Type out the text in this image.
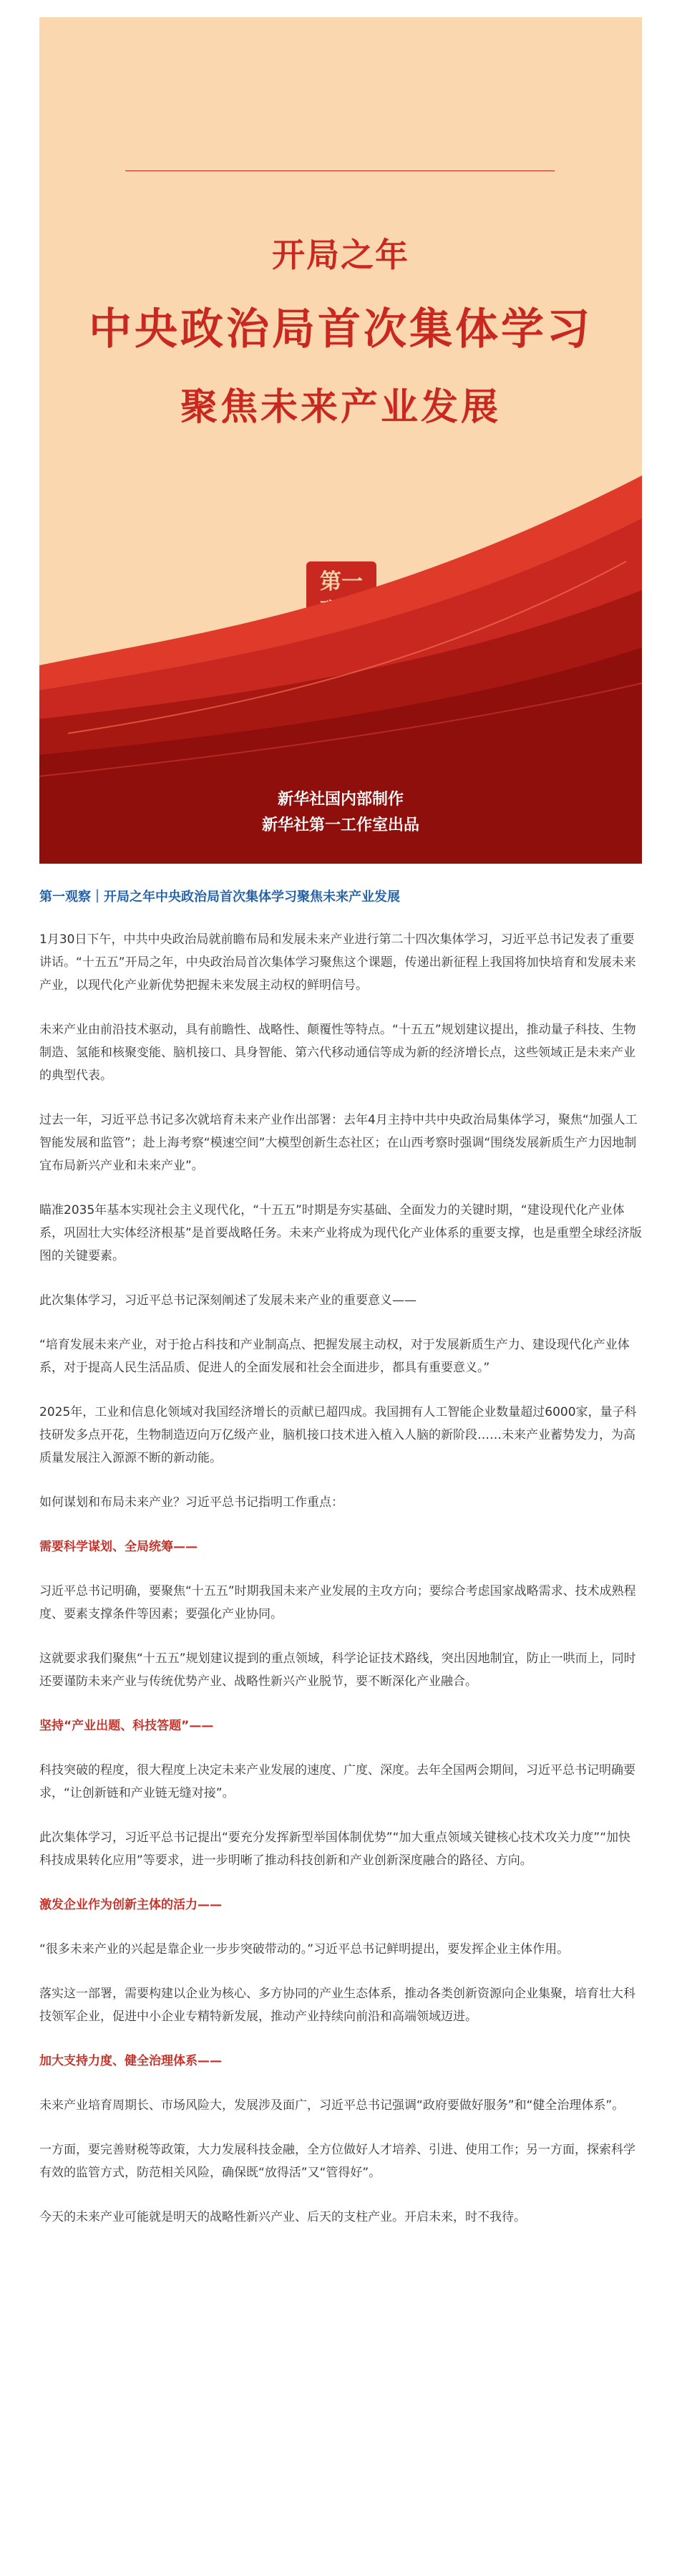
开局之年
中央政治局首次集体学习
聚焦未来产业发展
第一
新华社国内部制作
新华社第一工作室出品
第一观察｜开局之年中央政治局首次集体学习聚焦未来产业发展

1月30日下午，中共中央政治局就前瞻布局和发展未来产业进行第二十四次集体学习，习近平总书记发表了重要讲话。“十五五”开局之年，中央政治局首次集体学习聚焦这个课题，传递出新征程上我国将加快培育和发展未来产业，以现代化产业新优势把握未来发展主动权的鲜明信号。

未来产业由前沿技术驱动，具有前瞻性、战略性、颠覆性等特点。“十五五”规划建议提出，推动量子科技、生物制造、氢能和核聚变能、脑机接口、具身智能、第六代移动通信等成为新的经济增长点，这些领域正是未来产业的典型代表。

过去一年，习近平总书记多次就培育未来产业作出部署：去年4月主持中共中央政治局集体学习，聚焦“加强人工智能发展和监管”；赴上海考察“模速空间”大模型创新生态社区；在山西考察时强调“围绕发展新质生产力因地制宜布局新兴产业和未来产业”。

瞄准2035年基本实现社会主义现代化，“十五五”时期是夯实基础、全面发力的关键时期，“建设现代化产业体系，巩固壮大实体经济根基”是首要战略任务。未来产业将成为现代化产业体系的重要支撑，也是重塑全球经济版图的关键要素。

此次集体学习，习近平总书记深刻阐述了发展未来产业的重要意义——

“培育发展未来产业，对于抢占科技和产业制高点、把握发展主动权，对于发展新质生产力、建设现代化产业体系，对于提高人民生活品质、促进人的全面发展和社会全面进步，都具有重要意义。”

2025年，工业和信息化领域对我国经济增长的贡献已超四成。我国拥有人工智能企业数量超过6000家，量子科技研发多点开花，生物制造迈向万亿级产业，脑机接口技术进入植入人脑的新阶段……未来产业蓄势发力，为高质量发展注入源源不断的新动能。

如何谋划和布局未来产业？习近平总书记指明工作重点：

需要科学谋划、全局统筹——

习近平总书记明确，要聚焦“十五五”时期我国未来产业发展的主攻方向；要综合考虑国家战略需求、技术成熟程度、要素支撑条件等因素；要强化产业协同。

这就要求我们聚焦“十五五”规划建议提到的重点领域，科学论证技术路线，突出因地制宜，防止一哄而上，同时还要谨防未来产业与传统优势产业、战略性新兴产业脱节，要不断深化产业融合。

坚持“产业出题、科技答题”——

科技突破的程度，很大程度上决定未来产业发展的速度、广度、深度。去年全国两会期间，习近平总书记明确要求，“让创新链和产业链无缝对接”。

此次集体学习，习近平总书记提出“要充分发挥新型举国体制优势”“加大重点领域关键核心技术攻关力度”“加快科技成果转化应用”等要求，进一步明晰了推动科技创新和产业创新深度融合的路径、方向。

激发企业作为创新主体的活力——

“很多未来产业的兴起是靠企业一步步突破带动的。”习近平总书记鲜明提出，要发挥企业主体作用。

落实这一部署，需要构建以企业为核心、多方协同的产业生态体系，推动各类创新资源向企业集聚，培育壮大科技领军企业，促进中小企业专精特新发展，推动产业持续向前沿和高端领域迈进。

加大支持力度、健全治理体系——

未来产业培育周期长、市场风险大，发展涉及面广，习近平总书记强调“政府要做好服务”和“健全治理体系”。

一方面，要完善财税等政策，大力发展科技金融，全方位做好人才培养、引进、使用工作；另一方面，探索科学有效的监管方式，防范相关风险，确保既“放得活”又“管得好”。

今天的未来产业可能就是明天的战略性新兴产业、后天的支柱产业。开启未来，时不我待。
